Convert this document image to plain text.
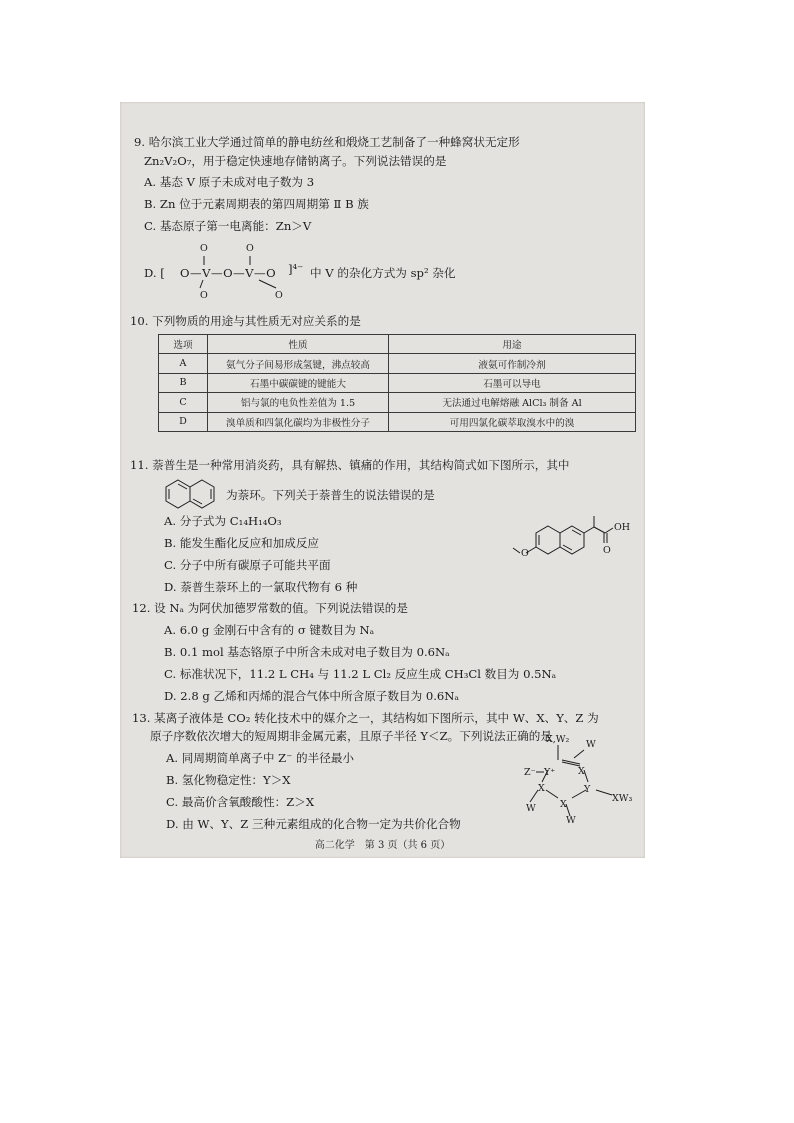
9. 哈尔滨工业大学通过简单的静电纺丝和煅烧工艺制备了一种蜂窝状无定形
Zn₂V₂O₇，用于稳定快速地存储钠离子。下列说法错误的是
A. 基态 V 原子未成对电子数为 3
B. Zn 位于元素周期表的第四周期第 Ⅱ B 族
C. 基态原子第一电离能：Zn＞V
D. [ O—V—O—V—O
O	O
O	O
]⁴⁻ 中 V 的杂化方式为 sp² 杂化
10. 下列物质的用途与其性质无对应关系的是
选项	性质	用途
A	氨气分子间易形成氢键，沸点较高	液氨可作制冷剂
B	石墨中碳碳键的键能大	石墨可以导电
C	铝与氯的电负性差值为 1.5	无法通过电解熔融 AlCl₃ 制备 Al
D	溴单质和四氯化碳均为非极性分子	可用四氯化碳萃取溴水中的溴
11. 萘普生是一种常用消炎药，具有解热、镇痛的作用，其结构简式如下图所示，其中
为萘环。下列关于萘普生的说法错误的是
A. 分子式为 C₁₄H₁₄O₃
B. 能发生酯化反应和加成反应
C. 分子中所有碳原子可能共平面
D. 萘普生萘环上的一氯取代物有 6 种
O	O
OH
12. 设 Nₐ 为阿伏加德罗常数的值。下列说法错误的是
A. 6.0 g 金刚石中含有的 σ 键数目为 Nₐ
B. 0.1 mol 基态铬原子中所含未成对电子数目为 0.6Nₐ
C. 标准状况下，11.2 L CH₄ 与 11.2 L Cl₂ 反应生成 CH₃Cl 数目为 0.5Nₐ
D. 2.8 g 乙烯和丙烯的混合气体中所含原子数目为 0.6Nₐ
13. 某离子液体是 CO₂ 转化技术中的媒介之一，其结构如下图所示，其中 W、X、Y、Z 为
原子序数依次增大的短周期非金属元素，且原子半径 Y＜Z。下列说法正确的是
A. 同周期简单离子中 Z⁻ 的半径最小
B. 氢化物稳定性：Y＞X
C. 最高价含氧酸酸性：Z＞X
D. 由 W、Y、Z 三种元素组成的化合物一定为共价化合物
X,W₂ W
Z⁻ Y⁺ X
X	Y
X
W
XW₃
W
高二化学　第 3 页（共 6 页）
